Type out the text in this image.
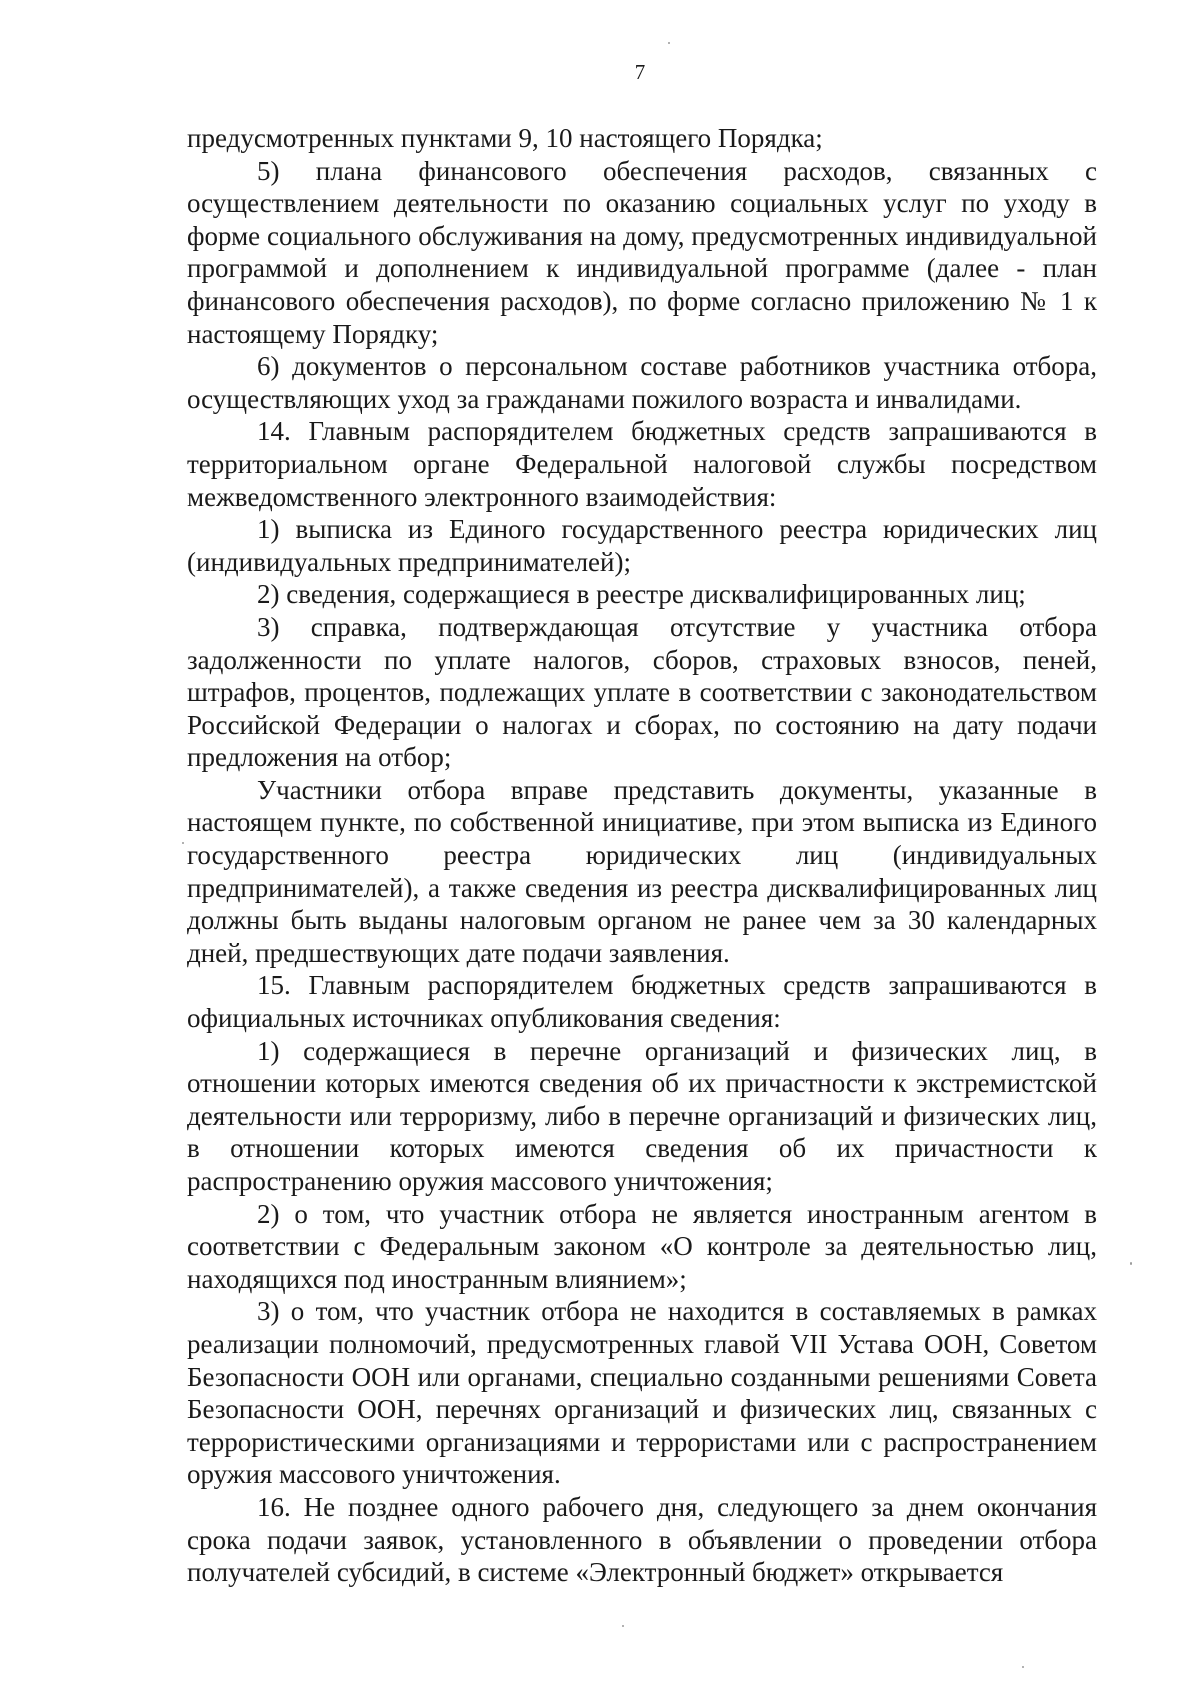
7

предусмотренных пунктами 9, 10 настоящего Порядка;

5) плана финансового обеспечения расходов, связанных с осуществлением деятельности по оказанию социальных услуг по уходу в форме социального обслуживания на дому, предусмотренных индивидуальной программой и дополнением к индивидуальной программе (далее - план финансового обеспечения расходов), по форме согласно приложению № 1 к настоящему Порядку;

6) документов о персональном составе работников участника отбора, осуществляющих уход за гражданами пожилого возраста и инвалидами.

14. Главным распорядителем бюджетных средств запрашиваются в территориальном органе Федеральной налоговой службы посредством межведомственного электронного взаимодействия:

1) выписка из Единого государственного реестра юридических лиц (индивидуальных предпринимателей);

2) сведения, содержащиеся в реестре дисквалифицированных лиц;

3) справка, подтверждающая отсутствие у участника отбора задолженности по уплате налогов, сборов, страховых взносов, пеней, штрафов, процентов, подлежащих уплате в соответствии с законодательством Российской Федерации о налогах и сборах, по состоянию на дату подачи предложения на отбор;

Участники отбора вправе представить документы, указанные в настоящем пункте, по собственной инициативе, при этом выписка из Единого государственного реестра юридических лиц (индивидуальных предпринимателей), а также сведения из реестра дисквалифицированных лиц должны быть выданы налоговым органом не ранее чем за 30 календарных дней, предшествующих дате подачи заявления.

15. Главным распорядителем бюджетных средств запрашиваются в официальных источниках опубликования сведения:

1) содержащиеся в перечне организаций и физических лиц, в отношении которых имеются сведения об их причастности к экстремистской деятельности или терроризму, либо в перечне организаций и физических лиц, в отношении которых имеются сведения об их причастности к распространению оружия массового уничтожения;

2) о том, что участник отбора не является иностранным агентом в соответствии с Федеральным законом «О контроле за деятельностью лиц, находящихся под иностранным влиянием»;

3) о том, что участник отбора не находится в составляемых в рамках реализации полномочий, предусмотренных главой VII Устава ООН, Советом Безопасности ООН или органами, специально созданными решениями Совета Безопасности ООН, перечнях организаций и физических лиц, связанных с террористическими организациями и террористами или с распространением оружия массового уничтожения.

16. Не позднее одного рабочего дня, следующего за днем окончания срока подачи заявок, установленного в объявлении о проведении отбора получателей субсидий, в системе «Электронный бюджет» открывается
